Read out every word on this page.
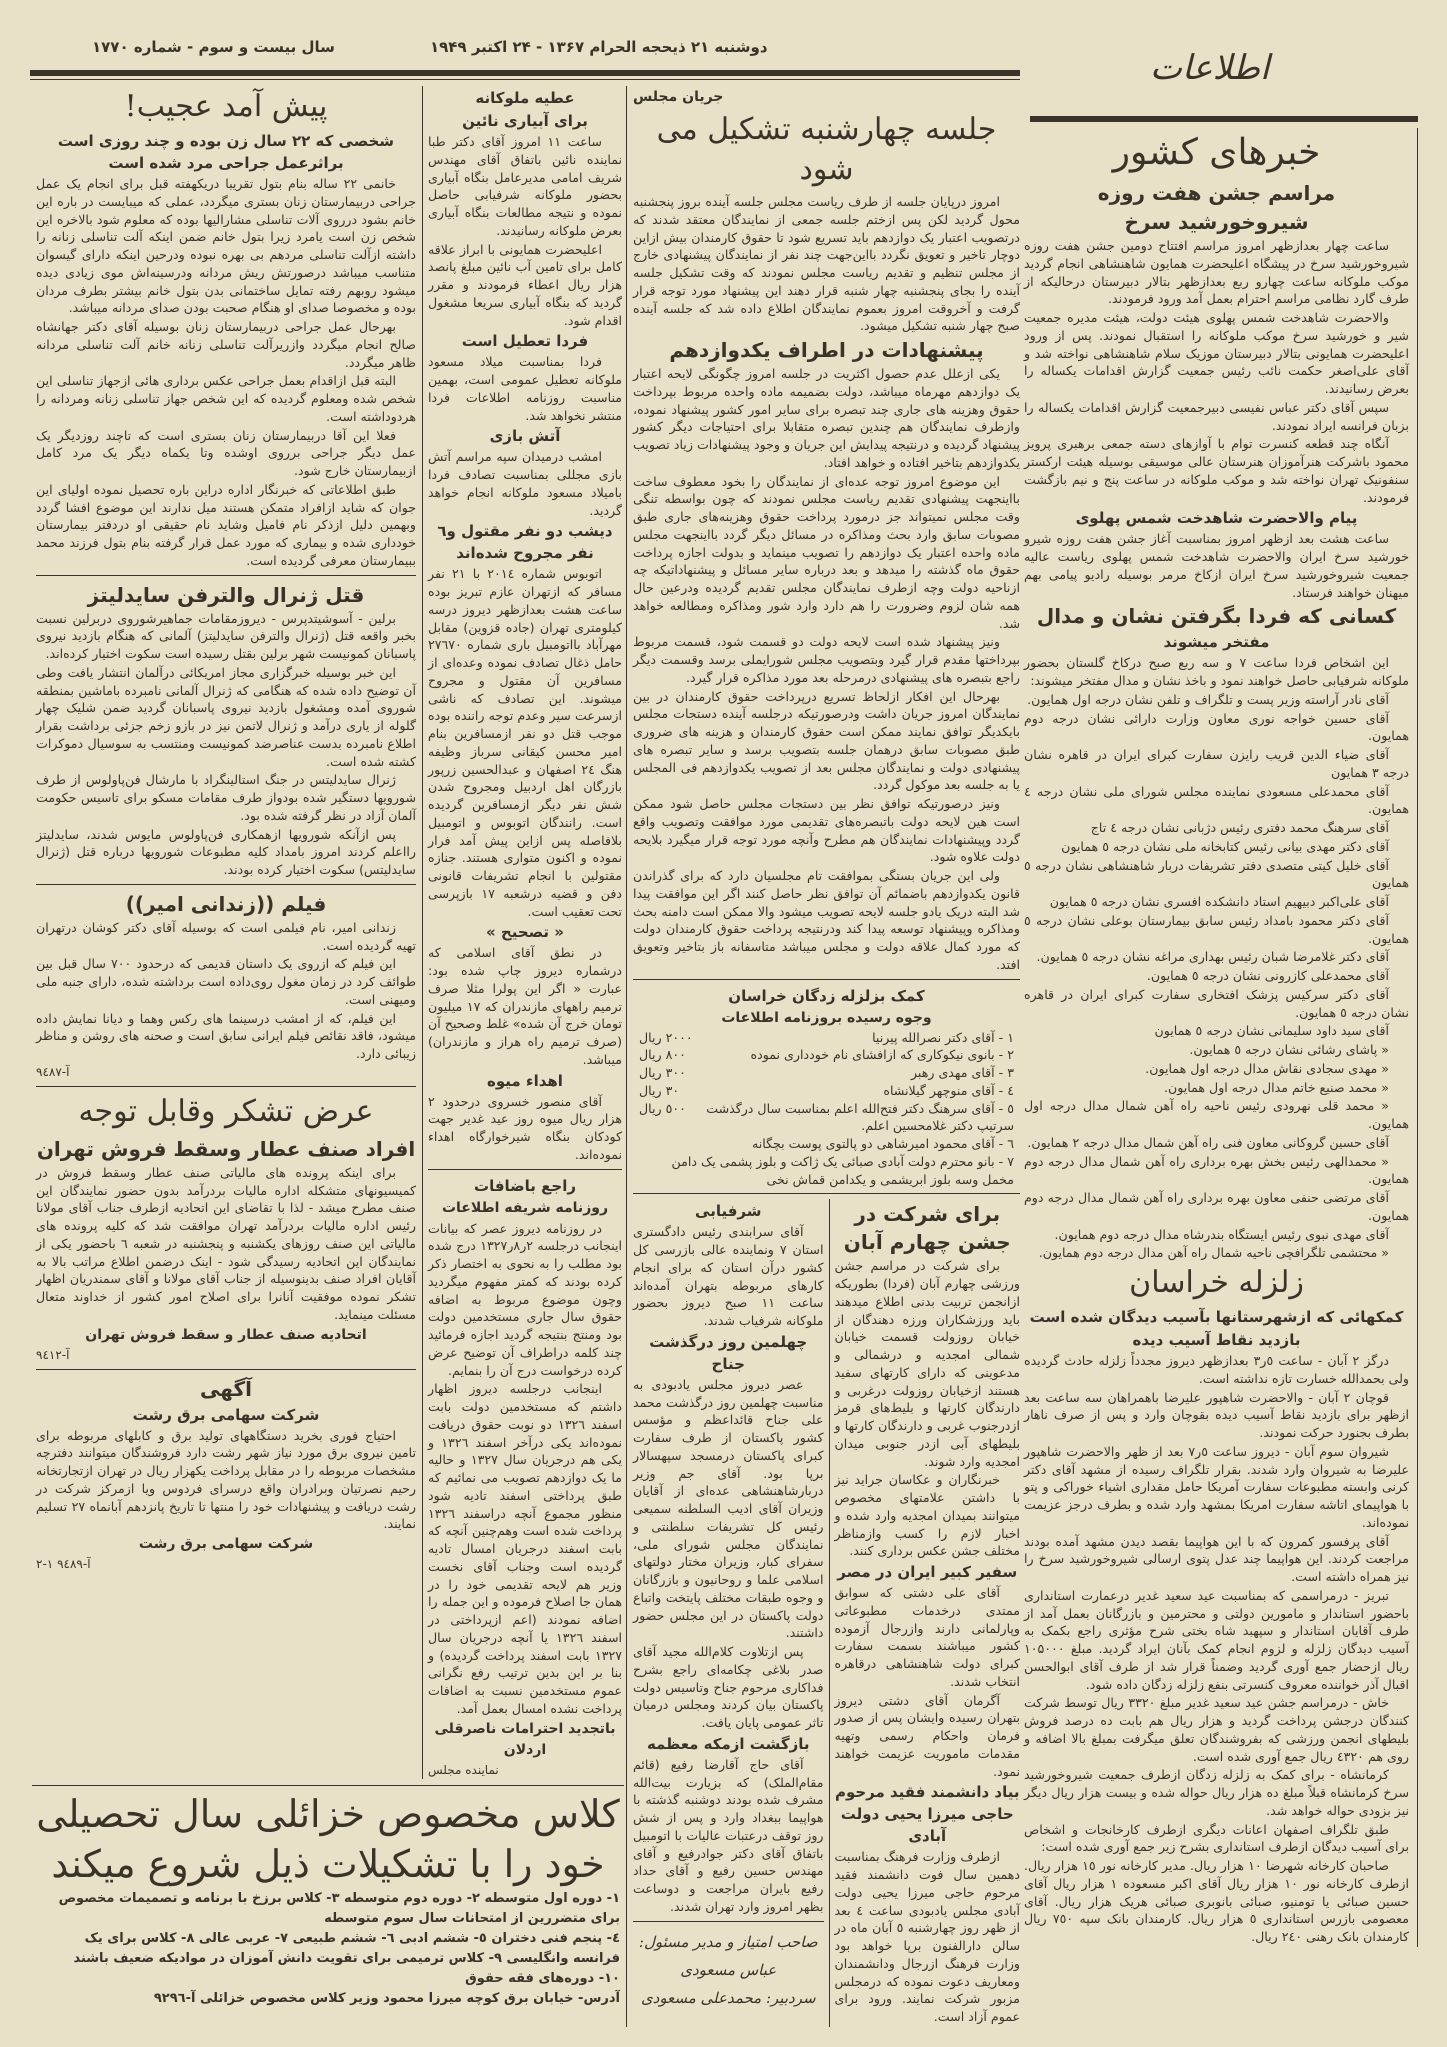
سال بیست و سوم - شماره ۱۷۷۰	دوشنبه ۲۱ ذیحجه الحرام ۱۳۶۷ - ۲۴ اکتبر ۱۹۴۹
اطلاعات
خبرهای کشور
مراسم جشن هفت روزه
شیروخورشید سرخ

ساعت چهار بعدازظهر امروز مراسم افتتاح دومین جشن هفت روزه شیروخورشید سرخ در پیشگاه اعلیحضرت همایون شاهنشاهی انجام گردید موکب ملوکانه ساعت چهارو ربع بعدازظهر بتالار دبیرستان درحالیکه از طرف گارد نظامی مراسم احترام بعمل آمد ورود فرمودند.

والاحضرت شاهدخت شمس پهلوی هیئت دولت، هیئت مدیره جمعیت شیر و خورشید سرخ موکب ملوکانه را استقبال نمودند. پس از ورود اعلیحضرت همایونی بتالار دبیرستان موزیک سلام شاهنشاهی نواخته شد و آقای علی‌اصغر حکمت نائب رئیس جمعیت گزارش اقدامات یکساله را بعرض رسانیدند.

سپس آقای دکتر عباس نفیسی دبیرجمعیت گزارش اقدامات یکساله را بزبان فرانسه ایراد نمودند.

آنگاه چند قطعه کنسرت توام با آوازهای دسته جمعی برهبری پرویز محمود باشرکت هنرآموزان هنرستان عالی موسیقی بوسیله هیئت ارکستر سنفونیک تهران نواخته شد و موکب ملوکانه در ساعت پنج و نیم بازگشت فرمودند.

پیام والاحضرت شاهدخت شمس پهلوی

ساعت هشت بعد ازظهر امروز بمناسبت آغاز جشن هفت روزه شیرو خورشید سرخ ایران والاحضرت شاهدخت شمس پهلوی ریاست عالیه جمعیت شیروخورشید سرخ ایران ازکاخ مرمر بوسیله رادیو پیامی بهم میهنان خواهند فرستاد.

کسانی که فردا بگرفتن نشان و مدال
مفتخر میشوند

این اشخاص فردا ساعت ۷ و سه ربع صبح درکاخ گلستان بحضور ملوکانه شرفیابی حاصل خواهند نمود و باخذ نشان و مدال مفتخر میشوند:

آقای نادر آراسته وزیر پست و تلگراف و تلفن نشان درجه اول همایون.

آقای حسین خواجه نوری معاون وزارت دارائی نشان درجه دوم همایون.

آقای ضیاء الدین قریب رایزن سفارت کبرای ایران در قاهره نشان درجه ۳ همایون

آقای محمدعلی مسعودی نماینده مجلس شورای ملی نشان درجه ٤ همایون.

آقای سرهنگ محمد دفتری رئیس دژبانی نشان درجه ٤ تاج

آقای دکتر مهدی بیانی رئیس کتابخانه ملی نشان درجه ٥ همایون

آقای خلیل کیتی متصدی دفتر تشریفات دربار شاهنشاهی نشان درجه ٥ همایون

آقای علی‌اکبر دبیهیم استاد دانشکده افسری نشان درجه ٥ همایون

آقای دکتر محمود بامداد رئیس سابق بیمارستان بوعلی نشان درجه ٥ همایون.

آقای دکتر غلامرضا شبان رئیس بهداری مراغه نشان درجه ٥ همایون.

آقای محمدعلی کازرونی نشان درجه ٥ همایون.

آقای دکتر سرکیس پزشک افتخاری سفارت کبرای ایران در قاهره نشان درجه ٥ همایون.

آقای سید داود سلیمانی نشان درجه ٥ همایون

« پاشای رشائی نشان درجه ٥ همایون.

« مهدی سجادی نقاش مدال درجه اول همایون.

« محمد صنیع خاتم مدال درجه اول همایون.

« محمد قلی نهرودی رئیس ناحیه راه آهن شمال مدال درجه اول همایون.

آقای حسین گروکانی معاون فنی راه آهن شمال مدال درجه ۲ همایون.

« محمدالهی رئیس بخش بهره برداری راه آهن شمال مدال درجه دوم همایون.

آقای مرتضی حنفی معاون بهره برداری راه آهن شمال مدال درجه دوم همایون.

آقای مهدی نبوی رئیس ایستگاه بندرشاه مدال درجه دوم همایون.

« محتشمی تلگرافچی ناحیه شمال راه آهن مدال درجه دوم همایون.

زلزله خراسان
کمکهائی که ازشهرستانها بآسیب دیدگان شده است
بازدید نقاط آسیب دیده

درگز ۲ آبان - ساعت ٥ر۳ بعدازظهر دیروز مجدداً زلزله حادث گردیده ولی بحمدالله خسارت تازه نداشته است.

قوچان ۲ آبان - والاحضرت شاهپور علیرضا باهمراهان سه ساعت بعد ازظهر برای بازدید نقاط آسیب دیده بقوچان وارد و پس از صرف ناهار بطرف بجنورد حرکت نمودند.

شیروان سوم آبان - دیروز ساعت ٥ر۷ بعد از ظهر والاحضرت شاهپور علیرضا به شیروان وارد شدند. بقرار تلگراف رسیده از مشهد آقای دکتر کرنی وابسته مطبوعات سفارت آمریکا حامل مقداری اشیاء خوراکی و پتو با هواپیمای اتاشه سفارت امریکا بمشهد وارد شده و بطرف درجز عزیمت نموده‌اند.

آقای پرفسور کمرون که با این هواپیما بقصد دیدن مشهد آمده بودند مراجعت کردند. این هواپیما چند عدل پتوی ارسالی شیروخورشید سرخ را نیز همراه داشته است.

تبریز - درمراسمی که بمناسبت عید سعید غدیر درعمارت استانداری باحضور استاندار و مامورین دولتی و محترمین و بازرگانان بعمل آمد از طرف آقایان استاندار و سپهبد شاه بختی شرح مؤثری راجع بکمک به آسیب دیدگان زلزله و لزوم انجام کمک بآنان ایراد گردید. مبلغ ۱۰۵۰۰۰ ریال ازحضار جمع آوری گردید وضمناً قرار شد از طرف آقای ابوالحسن اقبال آذر خواننده معروف کنسرتی بنفع زلزله زدگان داده شود.

خاش - درمراسم جشن عید سعید غدیر مبلغ ۳۳۲۰ ریال توسط شرکت کنندگان درجشن پرداخت گردید و هزار ریال هم بابت ده درصد فروش بلیطهای انجمن ورزشی که بفروشندگان تعلق میگرفت بمبلغ بالا اضافه و روی هم ٤۳۲۰ ریال جمع آوری شده است.

کرمانشاه - برای کمک به زلزله زدگان ازطرف جمعیت شیروخورشید سرخ کرمانشاه قبلاً مبلغ ده هزار ریال حواله شده و بیست هزار ریال دیگر نیز بزودی حواله خواهد شد.

طبق تلگراف اصفهان اعانات دیگری ازطرف کارخانجات و اشخاص برای آسیب دیدگان ازطرف استانداری بشرح زیر جمع آوری شده است:

صاحبان کارخانه شهرضا ۱۰ هزار ریال. مدیر کارخانه نور ۱٥ هزار ریال. ازطرف کارخانه نور ۱۰ هزار ریال آقای اکبر مسعوده ۱ هزار ریال آقای حسین صبائی یا تومنیو، صبائی بانوبری صبائی هریک هزار ریال. آقای معصومی بازرس استانداری ٥ هزار ریال. کارمندان بانک سپه ۷٥۰ ریال کارمندان بانک رهنی ۲٤۰ ریال.

جریان مجلس
جلسه چهارشنبه تشکیل می شود

امروز درپایان جلسه از طرف ریاست مجلس جلسه آینده بروز پنجشنبه محول گردید لکن پس ازختم جلسه جمعی از نمایندگان معتقد شدند که درتصویب اعتبار یک دوازدهم باید تسریع شود تا حقوق کارمندان بیش ازاین دوچار تاخیر و تعویق نگردد بااین‌جهت چند نفر از نمایندگان پیشنهادی خارج از مجلس تنظیم و تقدیم ریاست مجلس نمودند که وقت تشکیل جلسه آینده را بجای پنجشنبه چهار شنبه قرار دهند این پیشنهاد مورد توجه قرار گرفت و آخروقت امروز بعموم نمایندگان اطلاع داده شد که جلسه آینده صبح چهار شنبه تشکیل میشود.

پیشنهادات در اطراف یکدوازدهم

یکی ازعلل عدم حصول اکثریت در جلسه امروز چگونگی لایحه اعتبار یک دوازدهم مهرماه میباشد، دولت بضمیمه ماده واحده مربوط بپرداخت حقوق وهزینه های جاری چند تبصره برای سایر امور کشور پیشنهاد نموده، وازطرف نمایندگان هم چندین تبصره متقابلا برای احتیاجات دیگر کشور پیشنهاد گردیده و درنتیجه پیدایش این جریان و وجود پیشنهادات زیاد تصویب یکدوازدهم بتاخیر افتاده و خواهد افتاد.

این موضوع امروز توجه عده‌ای از نمایندگان را بخود معطوف ساخت بااینجهت پیشنهادی تقدیم ریاست مجلس نمودند که چون بواسطه تنگی وقت مجلس نمیتواند جز درمورد پرداخت حقوق وهزینه‌های جاری طبق مصوبات سابق وارد بحث ومذاکره در مسائل دیگر گردد بااینجهت مجلس ماده واحده اعتبار یک دوازدهم را تصویب مینماید و بدولت اجازه پرداخت حقوق ماه گذشته را میدهد و بعد درباره سایر مسائل و پیشنهاداتیکه چه ازناحیه دولت وچه ازطرف نمایندگان مجلس تقدیم گردیده ودرعین حال همه شان لزوم وضرورت را هم دارد وارد شور ومذاکره ومطالعه خواهد شد.

ونیز پیشنهاد شده است لایحه دولت دو قسمت شود، قسمت مربوط بپرداختها مقدم قرار گیرد وبتصویب مجلس شورایملی برسد وقسمت دیگر راجع بتبصره های پیشنهادی درمرحله بعد مورد مذاکره قرار گیرد.

بهرحال این افکار ازلحاظ تسریع درپرداخت حقوق کارمندان در بین نمایندگان امروز جریان داشت ودرصورتیکه درجلسه آینده دستجات مجلس بایکدیگر توافق نمایند ممکن است حقوق کارمندان و هزینه های ضروری طبق مصوبات سابق درهمان جلسه بتصویب برسد و سایر تبصره های پیشنهادی دولت و نمایندگان مجلس بعد از تصویب یکدوازدهم فی المجلس یا به جلسه بعد موکول گردد.

ونیز درصورتیکه توافق نظر بین دستجات مجلس حاصل شود ممکن است هین لایحه دولت باتبصره‌های تقدیمی مورد موافقت وتصویب واقع گردد وپیشنهادات نمایندگان هم مطرح وآنچه مورد توجه قرار میگیرد بلایحه دولت علاوه شود.

ولی این جریان بستگی بموافقت تام مجلسیان دارد که برای گذراندن قانون یکدوازدهم باضمائم آن توافق نظر حاصل کنند اگر این موافقت پیدا شد البته دریک یادو جلسه لایحه تصویب میشود والا ممکن است دامنه بحث ومذاکره وپیشنهاد توسعه پیدا کند ودرنتیجه پرداخت حقوق کارمندان دولت که مورد کمال علاقه دولت و مجلس میباشد متاسفانه باز بتاخیر وتعویق افتد.

کمک بزلزله زدگان خراسان
وجوه رسیده بروزنامه اطلاعات
۱ - آقای دکتر نصرالله پیرنیا
۲۰۰۰ ریال
۲ - بانوی نیکوکاری که ازافشای نام خودداری نموده
۸۰۰ ریال
۳ - آقای مهدی رهبر
۳۰۰ ریال
٤ - آقای منوچهر گیلانشاه
۳۰ ریال
٥ - آقای سرهنگ دکتر فتح‌الله اعلم بمناسبت سال درگذشت سرتیپ دکتر غلامحسین اعلم.
٥۰۰ ریال
٦ - آقای محمود امیرشاهی دو پالتوی پوست بچگانه
۷ - بانو محترم دولت آبادی صبائی یک ژاکت و بلوز پشمی یک دامن مخمل وسه بلوز ابریشمی و یکدامن قماش نخی
برای شرکت در جشن چهارم آبان

برای شرکت در مراسم جشن ورزشی چهارم آبان (فردا) بطوریکه ازانجمن تربیت بدنی اطلاع میدهند باید ورزشکاران ورزه دهندگان از خیابان روزولت قسمت خیابان شمالی امجدیه و درشمالی و مدعوینی که دارای کارتهای سفید هستند ازخیابان روزولت درغربی و دارندگان کارتها و بلیط‌های قرمز ازدرجنوب غربی و دارندگان کارتها و بلیطهای آبی ازدر جنوبی میدان امجدیه وارد شوند.

خبرنگاران و عکاسان جراید نیز با داشتن علامتهای مخصوص میتوانند بمیدان امجدیه وارد شده و اخبار لازم را کسب وازمناظر مختلف جشن عکس برداری کنند.

سفیر کبیر ایران در مصر

آقای علی دشتی که سوابق ممتدی درخدمات مطبوعاتی وپارلمانی دارند وازرجال آزموده کشور میباشند بسمت سفارت کبرای دولت شاهنشاهی درقاهره انتخاب شدند.

آگرمان آقای دشتی دیروز بتهران رسیده وایشان پس از صدور فرمان واحکام رسمی وتهیه مقدمات ماموریت عزیمت خواهند نمود.

بیاد دانشمند فقید مرحوم حاجی میرزا یحیی دولت آبادی

ازطرف وزارت فرهنگ بمناسبت دهمین سال فوت دانشمند فقید مرحوم حاجی میرزا یحیی دولت آبادی مجلس یادبودی ساعت ٤ بعد از ظهر روز چهارشنبه ٥ آبان ماه در سالن دارالفنون برپا خواهد بود وزارت فرهنگ ازرجال ودانشمندان ومعاریف دعوت نموده که درمجلس مزبور شرکت نمایند. ورود برای عموم آزاد است.

شرفیابی

آقای سرابندی رئیس دادگستری استان ۷ ونماینده عالی بازرسی کل کشور درآن استان که برای انجام کارهای مربوطه بتهران آمده‌اند ساعت ۱۱ صبح دیروز بحضور ملوکانه شرفیاب شدند.

چهلمین روز درگذشت جناح

عصر دیروز مجلس یادبودی به مناسبت چهلمین روز درگذشت محمد علی جناح قائداعظم و مؤسس کشور پاکستان از طرف سفارت کبرای پاکستان درمسجد سپهسالار برپا بود. آقای جم وزیر دربارشاهنشاهی عده‌ای از آقایان وزیران آقای ادیب السلطنه سمیعی رئیس کل تشریفات سلطنتی و نمایندگان مجلس شورای ملی، سفرای کبار، وزیران مختار دولتهای اسلامی علما و روحانیون و بازرگانان و وجوه طبقات مختلف پایتخت واتباع دولت پاکستان در این مجلس حضور داشتند.

پس ازتلاوت کلام‌الله مجید آقای صدر بلاغی چکامه‌ای راجع بشرح فداکاری مرحوم جناح وتاسیس دولت پاکستان بیان کردند ومجلس درمیان تاثر عمومی پایان یافت.

بازگشت ازمکه معظمه

آقای حاج آقارضا رفیع (قائم مقام‌الملک) که بزیارت بیت‌الله مشرف شده بودند دوشنبه گذشته با هواپیما ببغداد وارد و پس از شش روز توقف درعتبات عالیات با اتومبیل باتفاق آقای دکتر جوادرفیع و آقای مهندس حسین رفیع و آقای حداد رفیع بایران مراجعت و دوساعت بظهر امروز وارد تهران شدند.

صاحب امتیاز و مدیر مسئول: عباس مسعودی
سردبیر: محمدعلی مسعودی
عطیه ملوکانه
برای آبیاری نائین

ساعت ۱۱ امروز آقای دکتر طبا نماینده نائین باتفاق آقای مهندس شریف امامی مدیرعامل بنگاه آبیاری بحضور ملوکانه شرفیابی حاصل نموده و نتیجه مطالعات بنگاه آبیاری بعرض ملوکانه رسانیدند.

اعلیحضرت همایونی با ابراز علاقه کامل برای تامین آب نائین مبلغ پانصد هزار ریال اعطاء فرمودند و مقرر گردید که بنگاه آبیاری سریعا مشغول اقدام شود.

فردا تعطیل است

فردا بمناسبت میلاد مسعود ملوکانه تعطیل عمومی است، بهمین مناسبت روزنامه اطلاعات فردا منتشر نخواهد شد.

آتش بازی

امشب درمیدان سپه مراسم آتش بازی مجللی بمناسبت تصادف فردا بامیلاد مسعود ملوکانه انجام خواهد گردید.

دیشب دو نفر مقتول و٦ نفر مجروح شده‌اند

اتوبوس شماره ۲۰۱٤ با ۲۱ نفر مسافر که ازتهران عازم تبریز بوده ساعت هشت بعدازظهر دیروز درسه کیلومتری تهران (جاده قزوین) مقابل مهرآباد بااتومبیل باری شماره ۲۷٦۷۰ حامل ذغال تصادف نموده وعده‌ای از مسافرین آن مقتول و مجروح میشوند. این تصادف که ناشی ازسرعت سیر وعدم توجه راننده بوده موجب قتل دو نفر ازمسافرین بنام امیر محسن کیقانی سرباز وظیفه هنگ ٢٤ اصفهان و عبدالحسین زرپور بازرگان اهل اردبیل ومجروح شدن شش نفر دیگر ازمسافرین گردیده است. رانندگان اتوبوس و اتومبیل بلافاصله پس ازاین پیش آمد فرار نموده و اکنون متواری هستند. جنازه مقتولین با انجام تشریفات قانونی دفن و قضیه درشعبه ۱۷ بازپرسی تحت تعقیب است.

« تصحیح »

در نطق آقای اسلامی که درشماره دیروز چاپ شده بود: عبارت « اگر این پولرا مثلا صرف ترمیم راههای مازندران که ۱۷ میلیون تومان خرج آن شده» غلط وصحیح آن (صرف ترمیم راه هراز و مازندران) میباشد.

اهداء میوه

آقای منصور خسروی درحدود ۲ هزار ریال میوه روز عید غدیر جهت کودکان بنگاه شیرخوارگاه اهداء نموده‌اند.

راجع باضافات
روزنامه شریفه اطلاعات

در روزنامه دیروز عصر که بیانات اینجانب درجلسه ۲ر۸ر۱۳۲۷ درج شده بود مطلب را به نحوی به اختصار ذکر کرده بودند که کمتر مفهوم میگردید وچون موضوع مربوط به اضافه حقوق سال جاری مستخدمین دولت بود ومنتج بنتیجه گردید اجازه فرمائید چند کلمه دراطراف آن توضیح عرض کرده درخواست درج آن را بنمایم.

اینجانب درجلسه دیروز اظهار داشتم که مستخدمین دولت بابت اسفند ۱۳۲٦ دو نوبت حقوق دریافت نموده‌اند یکی درآخر اسفند ۱۳۲٦ و یکی هم درجریان سال ۱۳۲۷ و حالیه ما یک دوازدهم تصویب می نمائیم که طبق پرداختی اسفند تادیه شود منظور مجموع آنچه دراسفند ۱۳۲٦ پرداخت شده است وهم‌چنین آنچه که بابت اسفند درجریان امسال تادیه گردیده است وجناب آقای نخست وزیر هم لایحه تقدیمی خود را در همان جا اصلاح فرموده و این جمله را اضافه نمودند (اعم ازپرداختی در اسفند ۱۳۲٦ یا آنچه درجریان سال ۱۳۲۷ بابت اسفند پرداخت گردیده) و بنا بر این بدین ترتیب رفع نگرانی عموم مستخدمین نسبت به اضافات پرداخت نشده امسال بعمل آمد.

باتجدید احترامات ناصرقلی اردلان
نماینده مجلس
پیش آمد عجیب!
شخصی که ۲۲ سال زن بوده و چند روزی است براثرعمل جراحی مرد شده است

خانمی ۲۲ ساله بنام بتول تقریبا دریکهفته قبل برای انجام یک عمل جراحی دربیمارستان زنان بستری میگردد، عملی که میبایست در باره این خانم بشود درروی آلات تناسلی مشارالیها بوده که معلوم شود بالاخره این شخص زن است یامرد زیرا بتول خانم ضمن اینکه آلت تناسلی زنانه را داشته ازآلت تناسلی مردهم بی بهره نبوده ودرحین اینکه دارای گیسوان متناسب میباشد درصورتش ریش مردانه ودرسینه‌اش موی زیادی دیده میشود روبهم رفته تمایل ساختمانی بدن بتول خانم بیشتر بطرف مردان بوده و مخصوصا صدای او هنگام صحبت بودن صدای مردانه میباشد.

بهرحال عمل جراحی دربیمارستان زنان بوسیله آقای دکتر جهانشاه صالح انجام میگردد وازریرآلت تناسلی زنانه خانم آلت تناسلی مردانه ظاهر میگردد.

البته قبل ازاقدام بعمل جراحی عکس برداری هائی ازجهاز تناسلی این شخص شده ومعلوم گردیده که این شخص جهاز تناسلی زنانه ومردانه را هردوداشته است.

فعلا این آقا دربیمارستان زنان بستری است که تاچند روزدیگر یک عمل دیگر جراحی برروی اوشده وتا یکماه دیگر یک مرد کامل ازبیمارستان خارج شود.

طبق اطلاعاتی که خبرنگار اداره دراین باره تحصیل نموده اولیای این جوان که شاید ازافراد متمکن هستند میل ندارند این موضوع افشا گردد وبهمین دلیل ازذکر نام فامیل وشاید نام حقیقی او دردفتر بیمارستان خودداری شده و بیماری که مورد عمل قرار گرفته بنام بتول فرزند محمد ببیمارستان معرفی گردیده است.

قتل ژنرال والترفن سایدلیتز

برلین - آسوشیتدپرس - دیروزمقامات جماهیرشوروی دربرلین نسبت بخبر واقعه قتل (ژنرال والترفن سایدلیتز) آلمانی که هنگام بازدید نیروی پاسبانان کمونیست شهر برلین بقتل رسیده است سکوت اختیار کرده‌اند.

این خبر بوسیله خبرگزاری مجاز امریکائی درآلمان انتشار یافت وطی آن توضیح داده شده که هنگامی که ژنرال آلمانی نامبرده باماشین بمنطقه شوروی آمده ومشغول بازدید نیروی پاسبانان گردید ضمن شلیک چهار گلوله از یاری درآمد و ژنرال لاتمن نیز در بازو زخم جزئی برداشت بقرار اطلاع نامبرده بدست عناصرضد کمونیست ومنتسب به سوسیال دموکرات کشته شده است.

ژنرال سایدلیتس در جنگ استالینگراد با مارشال فن‌پاولوس از طرف شورویها دستگیر شده بودواز طرف مقامات مسکو برای تاسیس حکومت آلمان آزاد در نظر گرفته شده بود.

پس ازآنکه شورویها ازهمکاری فن‌پاولوس مایوس شدند، سایدلیتز رااعلم کردند امروز بامداد کلیه مطبوعات شورویها درباره قتل (ژنرال سایدلیتس) سکوت اختیار کرده بودند.

فیلم ((زندانی امیر))

زندانی امیر، نام فیلمی است که بوسیله آقای دکتر کوشان درتهران تهیه گردیده است.

این فیلم که ازروی یک داستان قدیمی که درحدود ۷۰۰ سال قبل بین طوائف کرد در زمان مغول روی‌داده است برداشته شده، دارای جنبه ملی ومیهنی است.

این فیلم، که از امشب درسینما های رکس وهما و دیانا نمایش داده میشود، فاقد نقائص فیلم ایرانی سابق است و صحنه های روشن و مناظر زیبائی دارد.

آ-۹٤۸۷
عرض تشکر وقابل توجه
افراد صنف عطار وسقط فروش تهران

برای اینکه پرونده های مالیاتی صنف عطار وسقط فروش در کمیسیونهای متشکله اداره مالیات بردرآمد بدون حضور نمایندگان این صنف مطرح میشد - لذا با تقاضای این اتحادیه ازطرف جناب آقای مولانا رئیس اداره مالیات بردرآمد تهران موافقت شد که کلیه پرونده های مالیاتی این صنف روزهای یکشنبه و پنجشنبه در شعبه ٦ باحضور یکی از نمایندگان این اتحادیه رسیدگی شود - اینک درضمن اطلاع مراتب بالا به آقایان افراد صنف بدینوسیله از جناب آقای مولانا و آقای سمندریان اظهار تشکر نموده موفقیت آنانرا برای اصلاح امور کشور از خداوند متعال مسئلت مینماید.

اتحادیه صنف عطار و سقط فروش تهران
آ-۹٤۱۲
آگهی
شرکت سهامی برق رشت

احتیاج فوری بخرید دستگاههای تولید برق و کابلهای مربوطه برای تامین نیروی برق مورد نیاز شهر رشت دارد فروشندگان میتوانند دفترچه مشخصات مربوطه را در مقابل پرداخت یکهزار ریال در تهران ازتجارتخانه رحیم نصرتیان وبرادران واقع درسرای فردوس ویا ازمرکز شرکت در رشت دریافت و پیشنهادات خود را منتها تا تاریخ پانزدهم آبانماه ۲۷ تسلیم نمایند.

شرکت سهامی برق رشت
آ-۹٤۸۹ ۱-۲
کلاس مخصوص خزائلی سال تحصیلی
خود را با تشکیلات ذیل شروع میکند

۱- دوره اول متوسطه ۲- دوره دوم متوسطه ۳- کلاس برزخ با برنامه و تصمیمات مخصوص برای متضررین از امتحانات سال سوم متوسطه

٤- پنجم فنی دختران ٥- ششم ادبی ٦- ششم طبیعی ۷- عربی عالی ۸- کلاس برای یک فرانسه وانگلیسی ۹- کلاس ترمیمی برای تقویت دانش آموزان در موادیکه ضعیف باشند

۱۰- دوره‌های فقه حقوق

آدرس- خیابان برق کوچه میرزا محمود وزیر کلاس مخصوص خزائلی آ-۹۲۹٦
